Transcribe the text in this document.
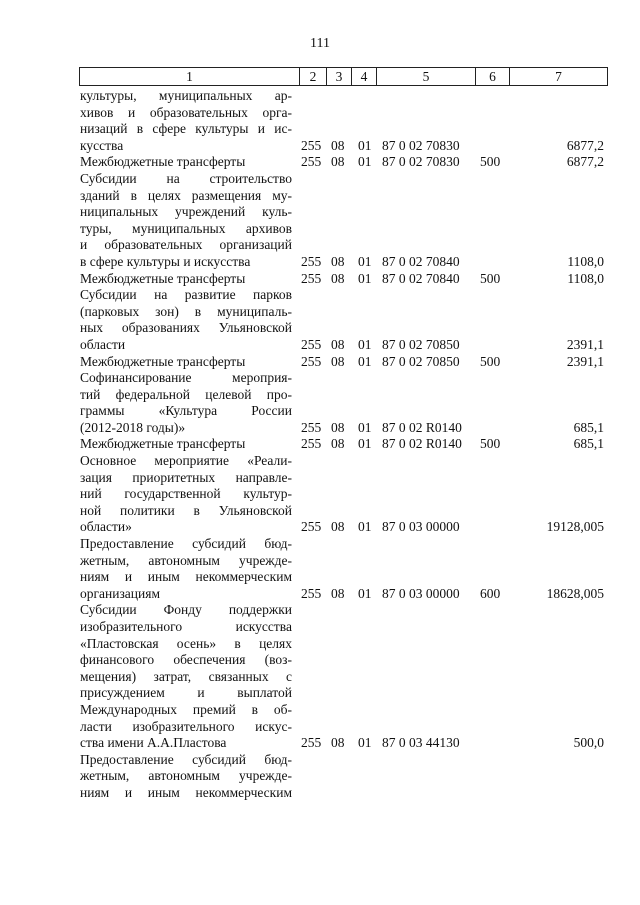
111
1	2	3	4	5	6	7
культуры, муниципальных ар-
хивов и образовательных орга-
низаций в сфере культуры и ис-
кусства	255 08 01 87 0 02 70830	6877,2
Межбюджетные трансферты	255 08 01 87 0 02 70830 500	6877,2
Субсидии на строительство
зданий в целях размещения му-
ниципальных учреждений куль-
туры, муниципальных архивов
и образовательных организаций
в сфере культуры и искусства	255 08 01 87 0 02 70840	1108,0
Межбюджетные трансферты	255 08 01 87 0 02 70840 500	1108,0
Субсидии на развитие парков
(парковых зон) в муниципаль-
ных образованиях Ульяновской
области	255 08 01 87 0 02 70850	2391,1
Межбюджетные трансферты	255 08 01 87 0 02 70850 500	2391,1
Софинансирование мероприя-
тий федеральной целевой про-
граммы «Культура России
(2012-2018 годы)»	255 08 01 87 0 02 R0140	685,1
Межбюджетные трансферты	255 08 01 87 0 02 R0140 500	685,1
Основное мероприятие «Реали-
зация приоритетных направле-
ний государственной культур-
ной политики в Ульяновской
области»	255 08 01 87 0 03 00000	19128,005
Предоставление субсидий бюд-
жетным, автономным учрежде-
ниям и иным некоммерческим
организациям	255 08 01 87 0 03 00000 600	18628,005
Субсидии Фонду поддержки
изобразительного искусства
«Пластовская осень» в целях
финансового обеспечения (воз-
мещения) затрат, связанных с
присуждением и выплатой
Международных премий в об-
ласти изобразительного искус-
ства имени А.А.Пластова	255 08 01 87 0 03 44130	500,0
Предоставление субсидий бюд-
жетным, автономным учрежде-
ниям и иным некоммерческим
